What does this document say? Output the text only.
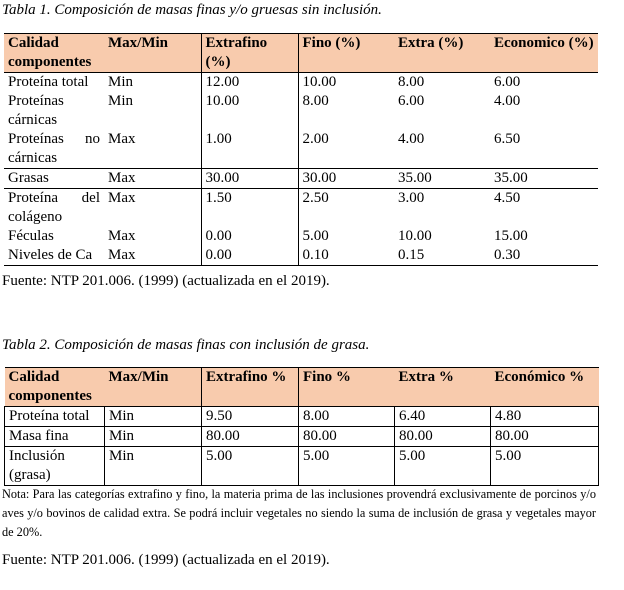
Tabla 1. Composición de masas finas y/o gruesas sin inclusión.
Calidad componentes	Max/Min	Extrafino (%)	Fino (%)	Extra (%)	Economico (%)
Proteína total	Min	12.00	10.00	8.00	6.00
Proteínas cárnicas	Min	10.00	8.00	6.00	4.00
Proteínas no cárnicas	Max	1.00	2.00	4.00	6.50
Grasas	Max	30.00	30.00	35.00	35.00
Proteína del colágeno	Max	1.50	2.50	3.00	4.50
Féculas	Max	0.00	5.00	10.00	15.00
Niveles de Ca	Max	0.00	0.10	0.15	0.30
Fuente: NTP 201.006. (1999) (actualizada en el 2019).
Tabla 2. Composición de masas finas con inclusión de grasa.
Calidad componentes	Max/Min	Extrafino %	Fino %	Extra %	Económico %
Proteína total	Min	9.50	8.00	6.40	4.80
Masa fina	Min	80.00	80.00	80.00	80.00
Inclusión (grasa)	Min	5.00	5.00	5.00	5.00
Nota: Para las categorías extrafino y fino, la materia prima de las inclusiones provendrá exclusivamente de porcinos y/o aves y/o bovinos de calidad extra. Se podrá incluir vegetales no siendo la suma de inclusión de grasa y vegetales mayor de 20%.
Fuente: NTP 201.006. (1999) (actualizada en el 2019).
